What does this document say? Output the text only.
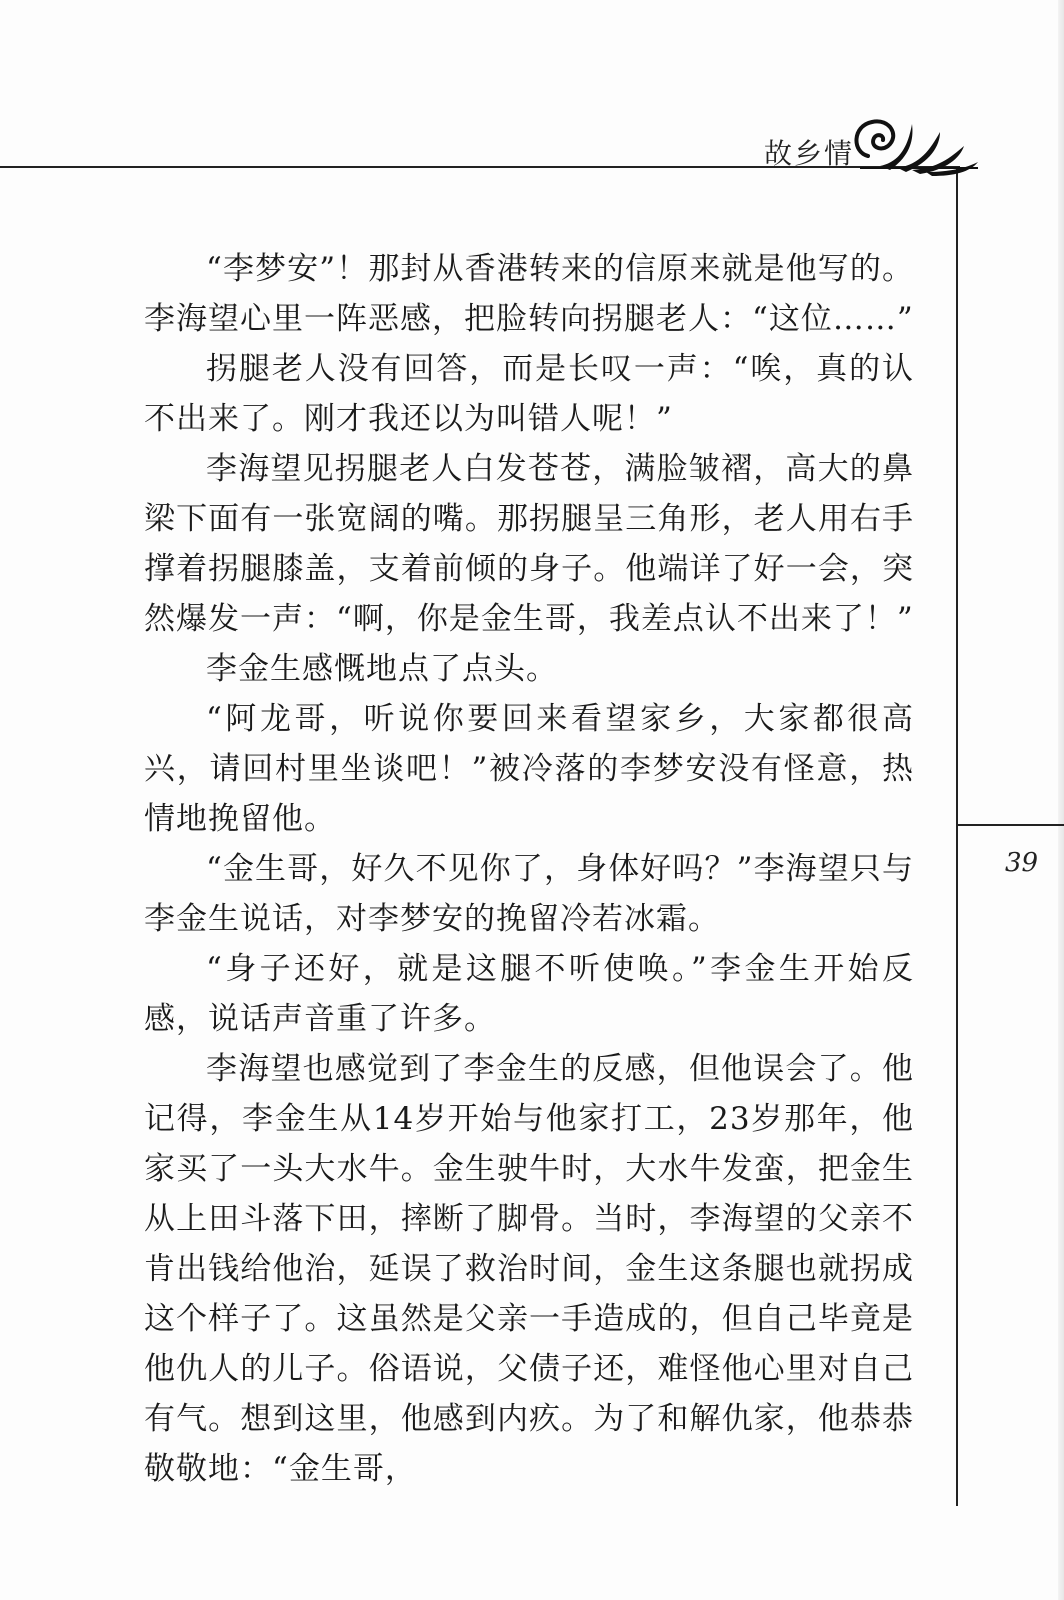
故乡情
39

“李梦安”！那封从香港转来的信原来就是他写的。李海望心里一阵恶感，把脸转向拐腿老人：“这位……”

拐腿老人没有回答，而是长叹一声：“唉，真的认不出来了。刚才我还以为叫错人呢！”

李海望见拐腿老人白发苍苍，满脸皱褶，高大的鼻梁下面有一张宽阔的嘴。那拐腿呈三角形，老人用右手撑着拐腿膝盖，支着前倾的身子。他端详了好一会，突然爆发一声：“啊，你是金生哥，我差点认不出来了！”

李金生感慨地点了点头。

“阿龙哥，听说你要回来看望家乡，大家都很高兴，请回村里坐谈吧！”被冷落的李梦安没有怪意，热情地挽留他。

“金生哥，好久不见你了，身体好吗？”李海望只与李金生说话，对李梦安的挽留冷若冰霜。

“身子还好，就是这腿不听使唤。”李金生开始反感，说话声音重了许多。

李海望也感觉到了李金生的反感，但他误会了。他记得，李金生从14岁开始与他家打工，23岁那年，他家买了一头大水牛。金生驶牛时，大水牛发蛮，把金生从上田斗落下田，摔断了脚骨。当时，李海望的父亲不肯出钱给他治，延误了救治时间，金生这条腿也就拐成这个样子了。这虽然是父亲一手造成的，但自己毕竟是他仇人的儿子。俗语说，父债子还，难怪他心里对自己有气。想到这里，他感到内疚。为了和解仇家，他恭恭敬敬地：“金生哥，
